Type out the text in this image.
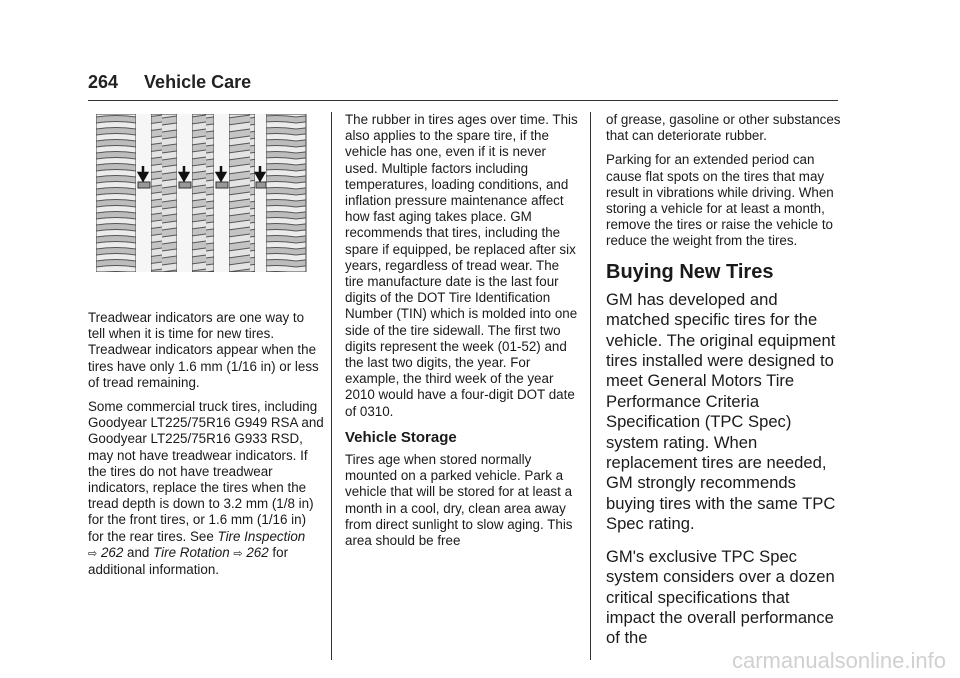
264 Vehicle Care

Treadwear indicators are one way to tell when it is time for new tires. Treadwear indicators appear when the tires have only 1.6 mm (1/16 in) or less of tread remaining.

Some commercial truck tires, including Goodyear LT225/75R16 G949 RSA and Goodyear LT225/75R16 G933 RSD, may not have treadwear indicators. If the tires do not have treadwear indicators, replace the tires when the tread depth is down to 3.2 mm (1/8 in) for the front tires, or 1.6 mm (1/16 in) for the rear tires. See Tire Inspection
⇨ 262 and Tire Rotation ⇨ 262 for additional information.

The rubber in tires ages over time. This also applies to the spare tire, if the vehicle has one, even if it is never used. Multiple factors including temperatures, loading conditions, and inflation pressure maintenance affect how fast aging takes place. GM recommends that tires, including the spare if equipped, be replaced after six years, regardless of tread wear. The tire manufacture date is the last four digits of the DOT Tire Identification Number (TIN) which is molded into one side of the tire sidewall. The first two digits represent the week (01-52) and the last two digits, the year. For example, the third week of the year 2010 would have a four-digit DOT date of 0310.

Vehicle Storage

Tires age when stored normally mounted on a parked vehicle. Park a vehicle that will be stored for at least a month in a cool, dry, clean area away from direct sunlight to slow aging. This area should be free

of grease, gasoline or other substances that can deteriorate rubber.

Parking for an extended period can cause flat spots on the tires that may result in vibrations while driving. When storing a vehicle for at least a month, remove the tires or raise the vehicle to reduce the weight from the tires.

Buying New Tires

GM has developed and matched specific tires for the vehicle. The original equipment tires installed were designed to meet General Motors Tire Performance Criteria Specification (TPC Spec) system rating. When replacement tires are needed, GM strongly recommends buying tires with the same TPC Spec rating.

GM's exclusive TPC Spec system considers over a dozen critical specifications that impact the overall performance of the

carmanualsonline.info
